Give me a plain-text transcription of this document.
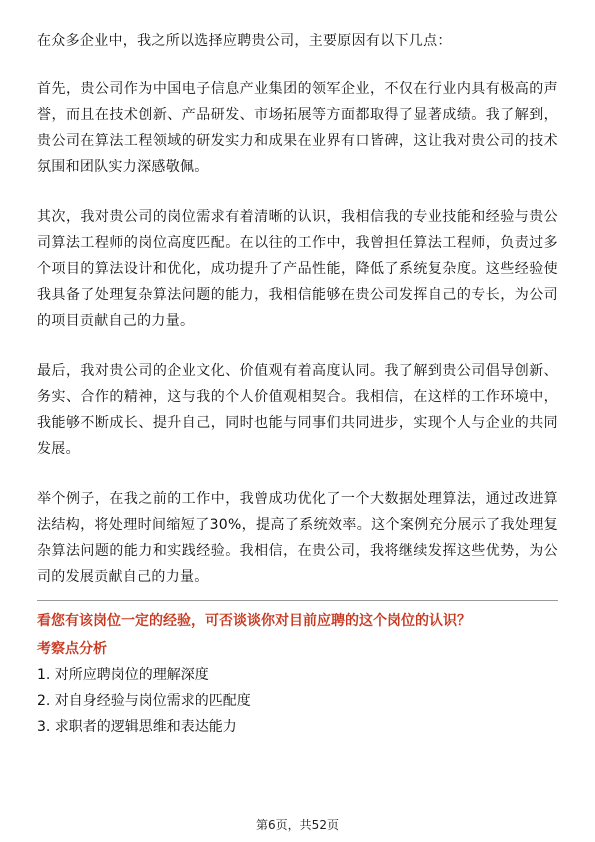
在众多企业中，我之所以选择应聘贵公司，主要原因有以下几点：

首先，贵公司作为中国电子信息产业集团的领军企业，不仅在行业内具有极高的声誉，而且在技术创新、产品研发、市场拓展等方面都取得了显著成绩。我了解到，贵公司在算法工程领域的研发实力和成果在业界有口皆碑，这让我对贵公司的技术氛围和团队实力深感敬佩。

其次，我对贵公司的岗位需求有着清晰的认识，我相信我的专业技能和经验与贵公司算法工程师的岗位高度匹配。在以往的工作中，我曾担任算法工程师，负责过多个项目的算法设计和优化，成功提升了产品性能，降低了系统复杂度。这些经验使我具备了处理复杂算法问题的能力，我相信能够在贵公司发挥自己的专长，为公司的项目贡献自己的力量。

最后，我对贵公司的企业文化、价值观有着高度认同。我了解到贵公司倡导创新、务实、合作的精神，这与我的个人价值观相契合。我相信，在这样的工作环境中，我能够不断成长、提升自己，同时也能与同事们共同进步，实现个人与企业的共同发展。

举个例子，在我之前的工作中，我曾成功优化了一个大数据处理算法，通过改进算法结构，将处理时间缩短了30%，提高了系统效率。这个案例充分展示了我处理复杂算法问题的能力和实践经验。我相信，在贵公司，我将继续发挥这些优势，为公司的发展贡献自己的力量。

看您有该岗位一定的经验，可否谈谈你对目前应聘的这个岗位的认识？

考察点分析

1. 对所应聘岗位的理解深度
2. 对自身经验与岗位需求的匹配度
3. 求职者的逻辑思维和表达能力
第6页，共52页
